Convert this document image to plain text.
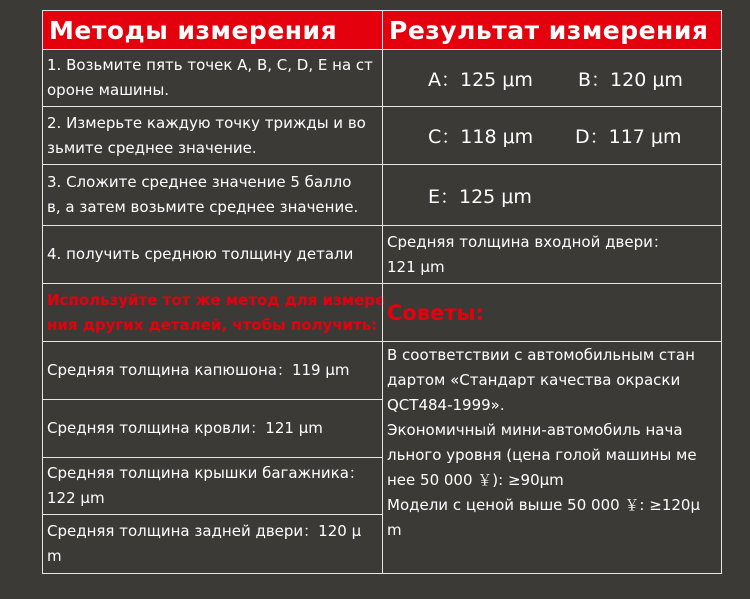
Методы измерения Результат измерения
1. Возьмите пять точек A, B, C, D, E на ст
ороне машины.
2. Измерьте каждую точку трижды и во
зьмите среднее значение.
3. Сложите среднее значение 5 балло
в, а затем возьмите среднее значение.
4. получить среднюю толщину детали
A：125 μm B：120 μm
C：118 μm D：117 μm
E：125 μm
Средняя толщина входной двери：
121 μm
Используйте тот же метод для измере
ния других деталей, чтобы получить: Советы:
Средняя толщина капюшона：119 μm
Средняя толщина кровли：121 μm
Средняя толщина крышки багажника：
122 μm
Средняя толщина задней двери：120 μ
m
В соответствии с автомобильным стан
дартом «Стандарт качества окраски
QCT484-1999».
Экономичный мини-автомобиль нача
льного уровня (цена голой машины ме
нее 50 000 ￥): ≥90μm
Модели с ценой выше 50 000 ￥: ≥120μ
m
